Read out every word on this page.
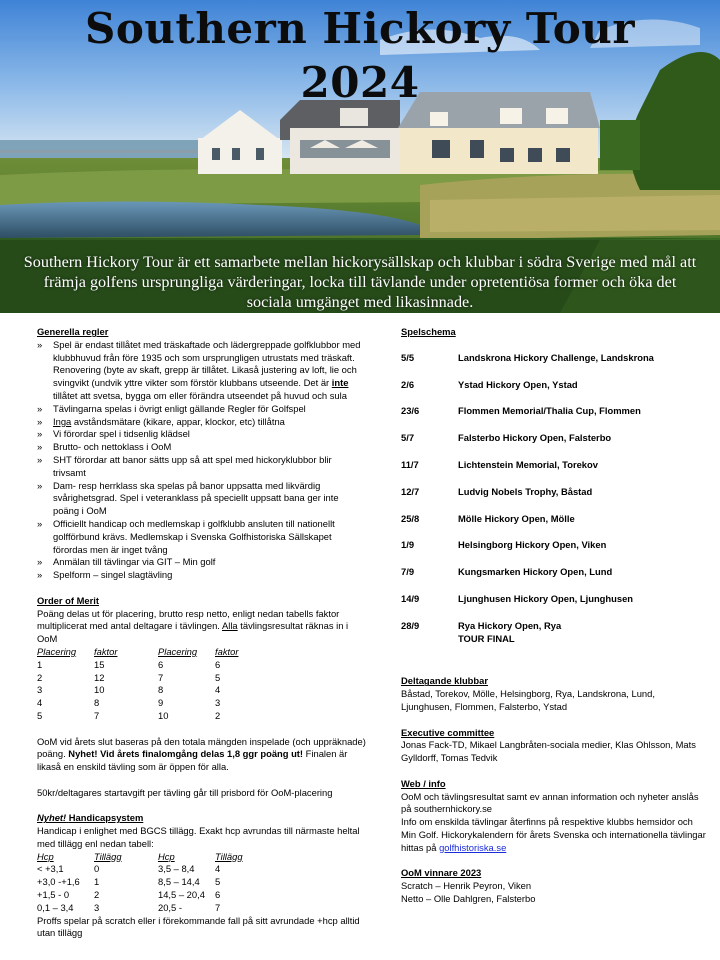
Southern Hickory Tour
2024
Southern Hickory Tour är ett samarbete mellan hickorysällskap och klubbar i södra Sverige med mål att främja golfens ursprungliga värderingar, locka till tävlande under opretentiösa former och öka det sociala umgänget med likasinnade.
Generella regler
» Spel är endast tillåtet med träskaftade och lädergreppade golfklubbor med klubbhuvud från före 1935 och som ursprungligen utrustats med träskaft. Renovering (byte av skaft, grepp är tillåtet. Likaså justering av loft, lie och svingvikt (undvik yttre vikter som förstör klubbans utseende. Det är inte tillåtet att svetsa, bygga om eller förändra utseendet på huvud och sula
» Tävlingarna spelas i övrigt enligt gällande Regler för Golfspel
» Inga avståndsmätare (kikare, appar, klockor, etc) tillåtna
» Vi förordar spel i tidsenlig klädsel
» Brutto- och nettoklass i OoM
» SHT förordar att banor sätts upp så att spel med hickoryklubbor blir trivsamt
» Dam- resp herrklass ska spelas på banor uppsatta med likvärdig svårighetsgrad. Spel i veteranklass på speciellt uppsatt bana ger inte poäng i OoM
» Officiellt handicap och medlemskap i golfklubb ansluten till nationellt golfförbund krävs. Medlemskap i Svenska Golfhistoriska Sällskapet förordas men är inget tvång
» Anmälan till tävlingar via GIT – Min golf
» Spelform – singel slagtävling
Order of Merit
Poäng delas ut för placering, brutto resp netto, enligt nedan tabells faktor multiplicerat med antal deltagare i tävlingen. Alla tävlingsresultat räknas in i OoM
Placering	faktor	Placering	faktor
1	15	6	6
2	12	7	5
3	10	8	4
4	8	9	3
5	7	10	2
OoM vid årets slut baseras på den totala mängden inspelade (och uppräknade) poäng. Nyhet! Vid årets finalomgång delas 1,8 ggr poäng ut! Finalen är likaså en enskild tävling som är öppen för alla.
50kr/deltagares startavgift per tävling går till prisbord för OoM-placering
Nyhet! Handicapsystem
Handicap i enlighet med BGCS tillägg. Exakt hcp avrundas till närmaste heltal med tillägg enl nedan tabell:
Hcp	Tillägg	Hcp	Tillägg
< +3,1	0	3,5 – 8,4	4
+3,0 -+1,6	1	8,5 – 14,4	5
+1,5 - 0	2	14,5 – 20,4	6
0,1 – 3,4	3	20,5 -	7
Proffs spelar på scratch eller i förekommande fall på sitt avrundade +hcp alltid utan tillägg
Spelschema
5/5	Landskrona Hickory Challenge, Landskrona
2/6	Ystad Hickory Open, Ystad
23/6	Flommen Memorial/Thalia Cup, Flommen
5/7	Falsterbo Hickory Open, Falsterbo
11/7	Lichtenstein Memorial, Torekov
12/7	Ludvig Nobels Trophy, Båstad
25/8	Mölle Hickory Open, Mölle
1/9	Helsingborg Hickory Open, Viken
7/9	Kungsmarken Hickory Open, Lund
14/9	Ljunghusen Hickory Open, Ljunghusen
28/9	Rya Hickory Open, Rya
TOUR FINAL
Deltagande klubbar
Båstad, Torekov, Mölle, Helsingborg, Rya, Landskrona, Lund, Ljunghusen, Flommen, Falsterbo, Ystad
Executive committee
Jonas Fack-TD, Mikael Langbråten-sociala medier, Klas Ohlsson, Mats Gylldorff, Tomas Tedvik
Web / info
OoM och tävlingsresultat samt ev annan information och nyheter anslås på southernhickory.se
Info om enskilda tävlingar återfinns på respektive klubbs hemsidor och Min Golf. Hickorykalendern för årets Svenska och internationella tävlingar hittas på golfhistoriska.se
OoM vinnare 2023
Scratch – Henrik Peyron, Viken
Netto – Olle Dahlgren, Falsterbo
